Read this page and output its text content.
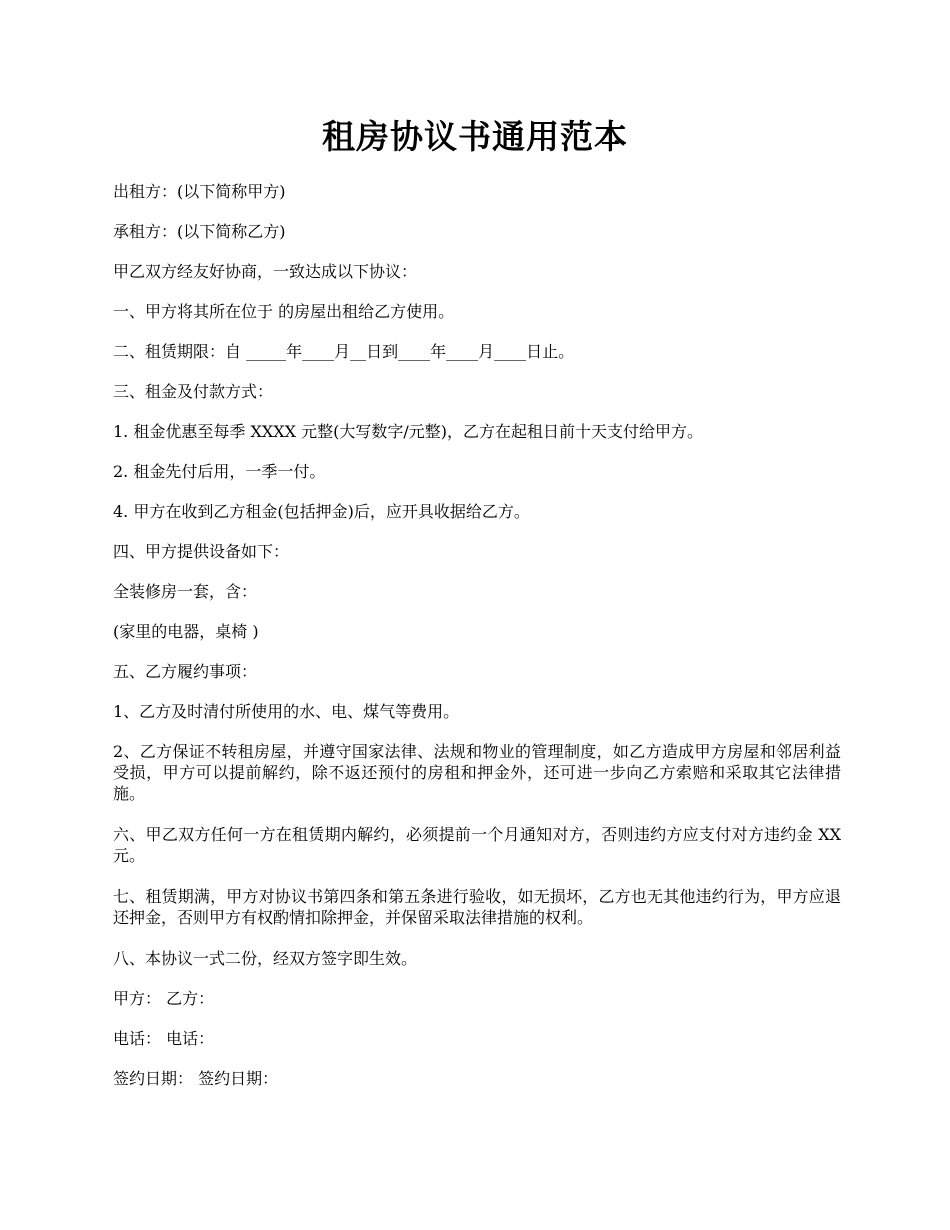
租房协议书通用范本

出租方：(以下简称甲方)

承租方：(以下简称乙方)

甲乙双方经友好协商，一致达成以下协议：

一、甲方将其所在位于 的房屋出租给乙方使用。

二、租赁期限：自 _____年____月__日到____年____月____日止。

三、租金及付款方式：

1. 租金优惠至每季 XXXX 元整(大写数字/元整)，乙方在起租日前十天支付给甲方。

2. 租金先付后用，一季一付。

4. 甲方在收到乙方租金(包括押金)后，应开具收据给乙方。

四、甲方提供设备如下：

全装修房一套，含：

(家里的电器，桌椅 )

五、乙方履约事项：

1、乙方及时清付所使用的水、电、煤气等费用。

2、乙方保证不转租房屋，并遵守国家法律、法规和物业的管理制度，如乙方造成甲方房屋和邻居利益受损，甲方可以提前解约，除不返还预付的房租和押金外，还可进一步向乙方索赔和采取其它法律措施。

六、甲乙双方任何一方在租赁期内解约，必须提前一个月通知对方，否则违约方应支付对方违约金 XX 元。

七、租赁期满，甲方对协议书第四条和第五条进行验收，如无损坏，乙方也无其他违约行为，甲方应退还押金，否则甲方有权酌情扣除押金，并保留采取法律措施的权利。

八、本协议一式二份，经双方签字即生效。

甲方： 乙方：

电话： 电话：

签约日期： 签约日期：
